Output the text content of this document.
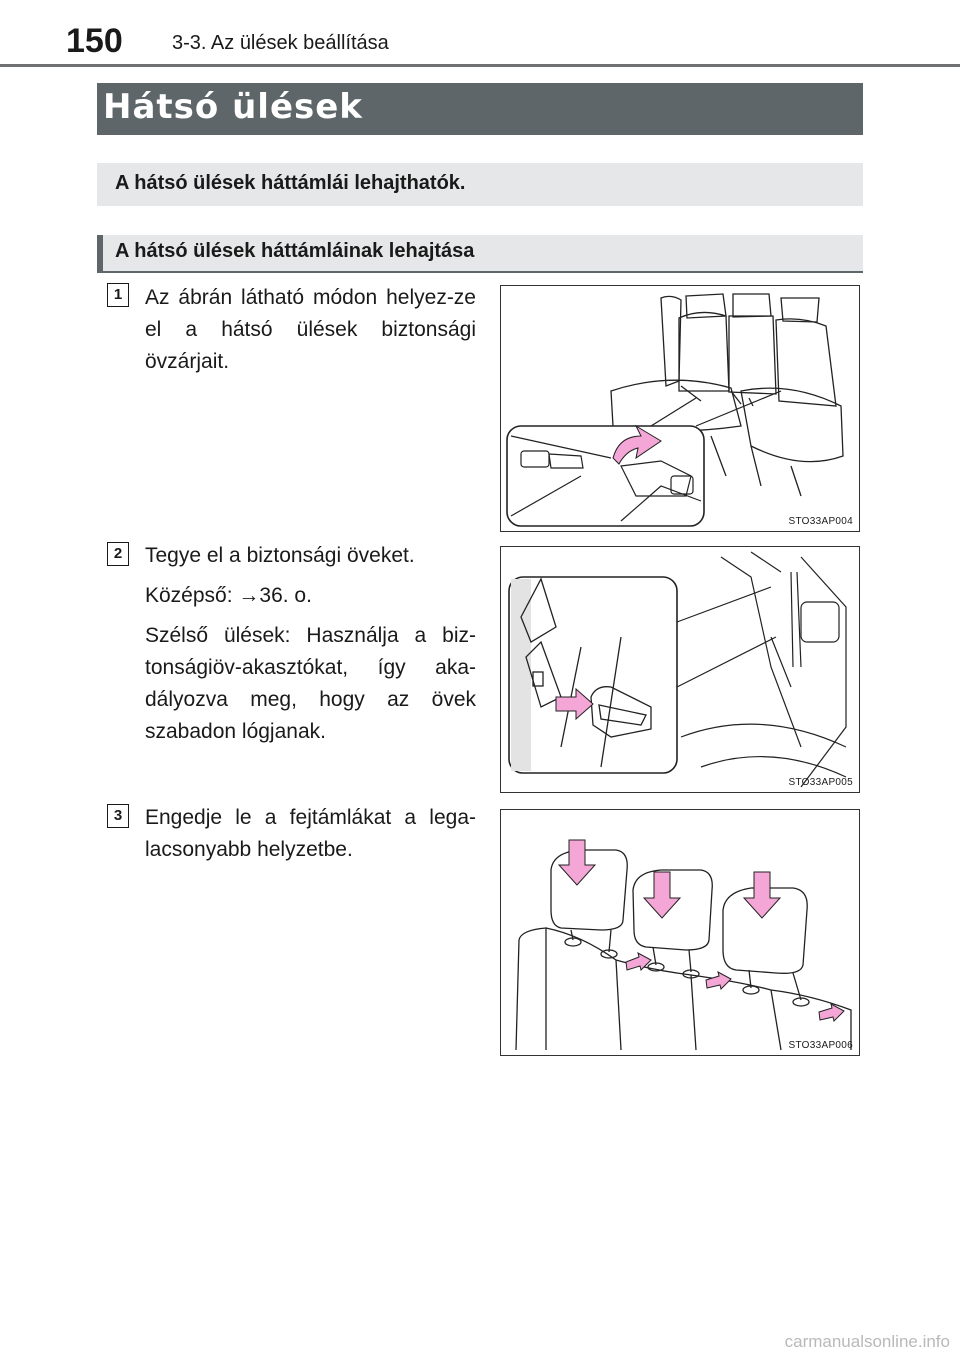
150 3-3. Az ülések beállítása
Hátsó ülések
A hátsó ülések háttámlái lehajthatók.
A hátsó ülések háttámláinak lehajtása
1	Az ábrán látható módon helyez-ze el a hátsó ülések biztonsági övzárjait.

STO33AP004
2	Tegye el a biztonsági öveket.

Középső: →36. o.

Szélső ülések: Használja a biz-tonságiöv-akasztókat, így aka-dályozva meg, hogy az övek szabadon lógjanak.

STO33AP005
3	Engedje le a fejtámlákat a lega-lacsonyabb helyzetbe.

STO33AP006
carmanualsonline.info
